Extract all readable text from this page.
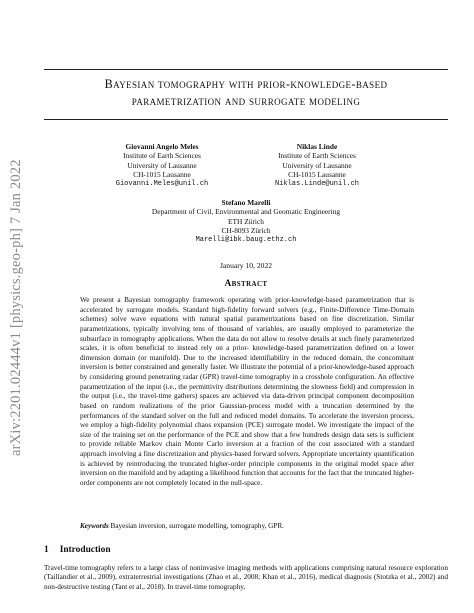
arXiv:2201.02444v1 [physics.geo-ph] 7 Jan 2022
Bayesian tomography with prior-knowledge-based
parametrization and surrogate modeling
Giovanni Angelo Meles
Institute of Earth Sciences
University of Lausanne
CH-1015 Lausanne
Giovanni.Meles@unil.ch
Niklas Linde
Institute of Earth Sciences
University of Lausanne
CH-1015 Lausanne
Niklas.Linde@unil.ch
Stefano Marelli
Department of Civil, Environmental and Geomatic Engineering
ETH Zürich
CH-8093 Zürich
Marelli@ibk.baug.ethz.ch
January 10, 2022
Abstract

We present a Bayesian tomography framework operating with prior-knowledge-based parametrization that is accelerated by surrogate models. Standard high-fidelity forward solvers (e.g., Finite-Difference Time-Domain schemes) solve wave equations with natural spatial parametrizations based on fine discretization. Similar parametrizations, typically involving tens of thousand of variables, are usually employed to parameterize the subsurface in tomography applications. When the data do not allow to resolve details at such finely parameterized scales, it is often beneficial to instead rely on a prior- knowledge-based parametrization defined on a lower dimension domain (or manifold). Due to the increased identifiability in the reduced domain, the concomitant inversion is better constrained and generally faster. We illustrate the potential of a prior-knowledge-based approach by considering ground penetrating radar (GPR) travel-time tomography in a crosshole configuration. An effective parametrization of the input (i.e., the permittivity distributions determining the slowness field) and compression in the output (i.e., the travel-time gathers) spaces are achieved via data-driven principal component decomposition based on random realizations of the prior Gaussian-process model with a truncation determined by the performances of the standard solver on the full and reduced model domains. To accelerate the inversion process, we employ a high-fidelity polynomial chaos expansion (PCE) surrogate model. We investigate the impact of the size of the training set on the performance of the PCE and show that a few hundreds design data sets is sufficient to provide reliable Markov chain Monte Carlo inversion at a fraction of the cost associated with a standard approach involving a fine discretization and physics-based forward solvers. Appropriate uncertainty quantification is achieved by reintroducing the truncated higher-order principle components in the original model space after inversion on the manifold and by adapting a likelihood function that accounts for the fact that the truncated higher-order components are not completely located in the null-space.

Keywords Bayesian inversion, surrogate modelling, tomography, GPR.
1 Introduction

Travel-time tomography refers to a large class of noninvasive imaging methods with applications comprising natural resource exploration (Taillandier et al., 2009), extraterrestrial investigations (Zhao et al., 2008; Khan et al., 2016), medical diagnosis (Stotzka et al., 2002) and non-destructive testing (Tant et al., 2018). In travel-time tomography,
